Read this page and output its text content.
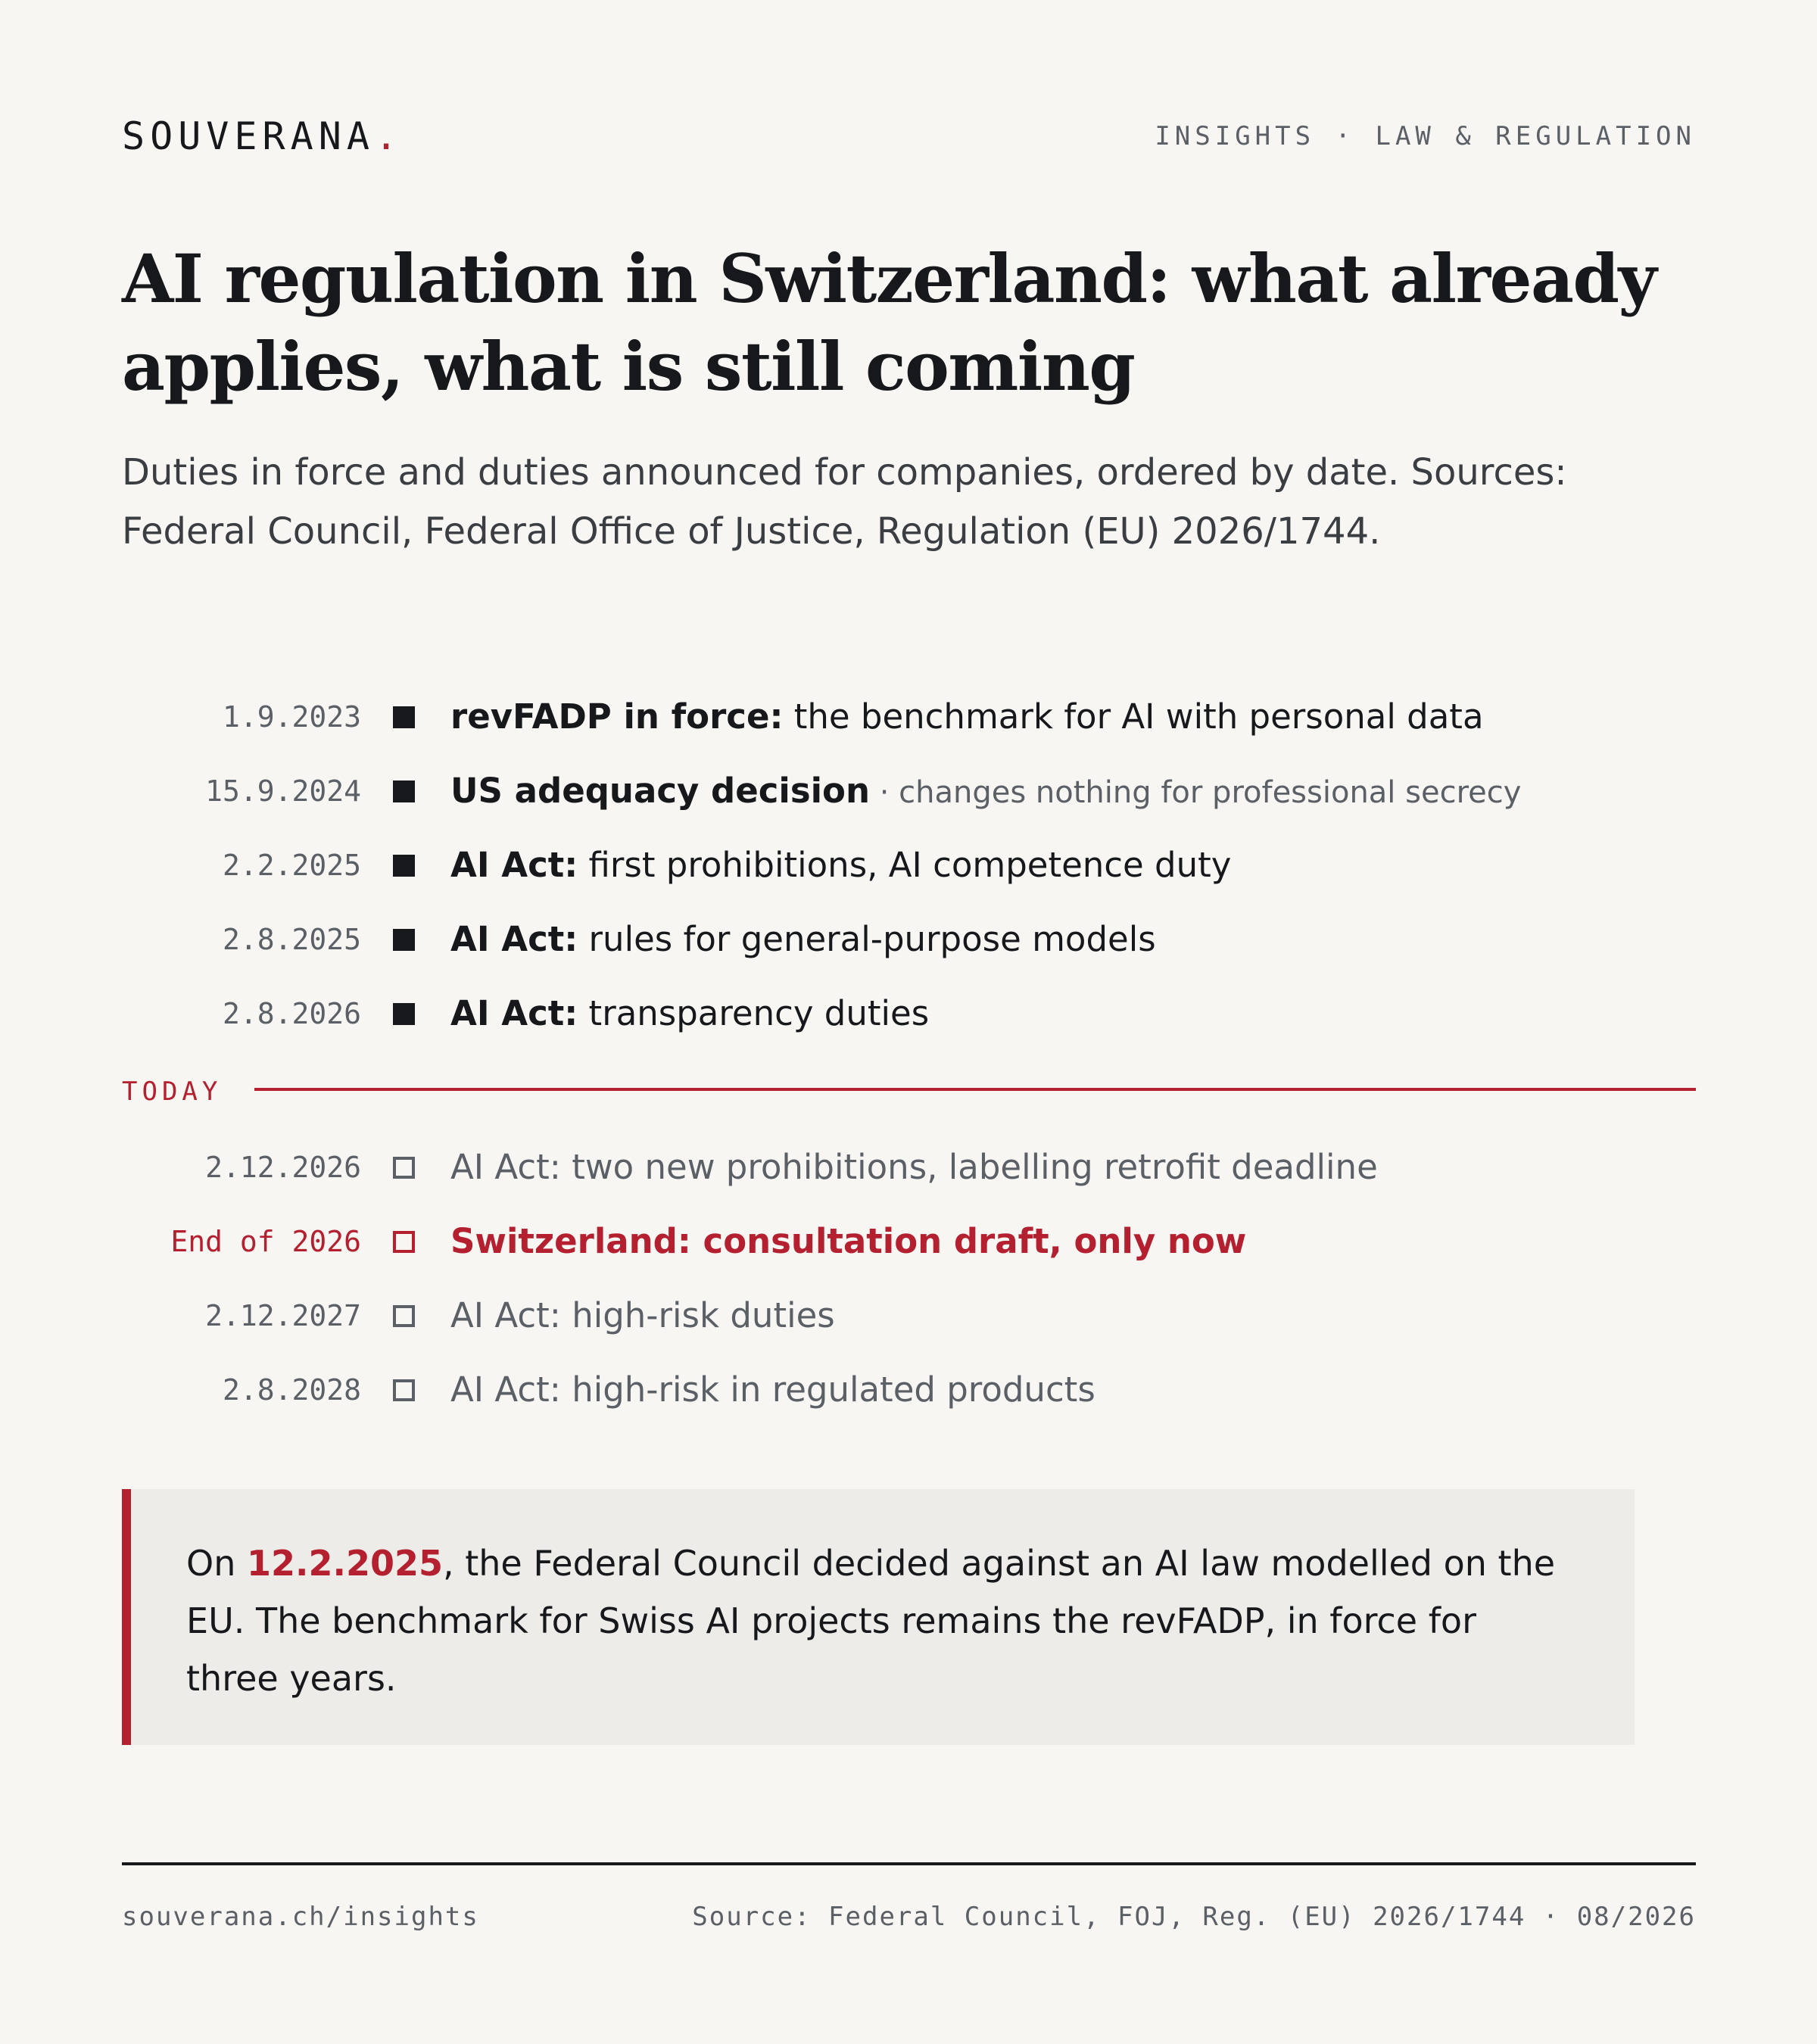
SOUVERANA.	INSIGHTS · LAW & REGULATION
AI regulation in Switzerland: what already applies, what is still coming

Duties in force and duties announced for companies, ordered by date. Sources: Federal Council, Federal Office of Justice, Regulation (EU) 2026/1744.

1.9.2023	revFADP in force: the benchmark for AI with personal data
15.9.2024	US adequacy decision · changes nothing for professional secrecy
2.2.2025	AI Act: first prohibitions, AI competence duty
2.8.2025	AI Act: rules for general-purpose models
2.8.2026	AI Act: transparency duties
TODAY
2.12.2026	AI Act: two new prohibitions, labelling retrofit deadline
End of 2026	Switzerland: consultation draft, only now
2.12.2027	AI Act: high-risk duties
2.8.2028	AI Act: high-risk in regulated products

On 12.2.2025, the Federal Council decided against an AI law modelled on the EU. The benchmark for Swiss AI projects remains the revFADP, in force for three years.

souverana.ch/insights	Source: Federal Council, FOJ, Reg. (EU) 2026/1744 · 08/2026
